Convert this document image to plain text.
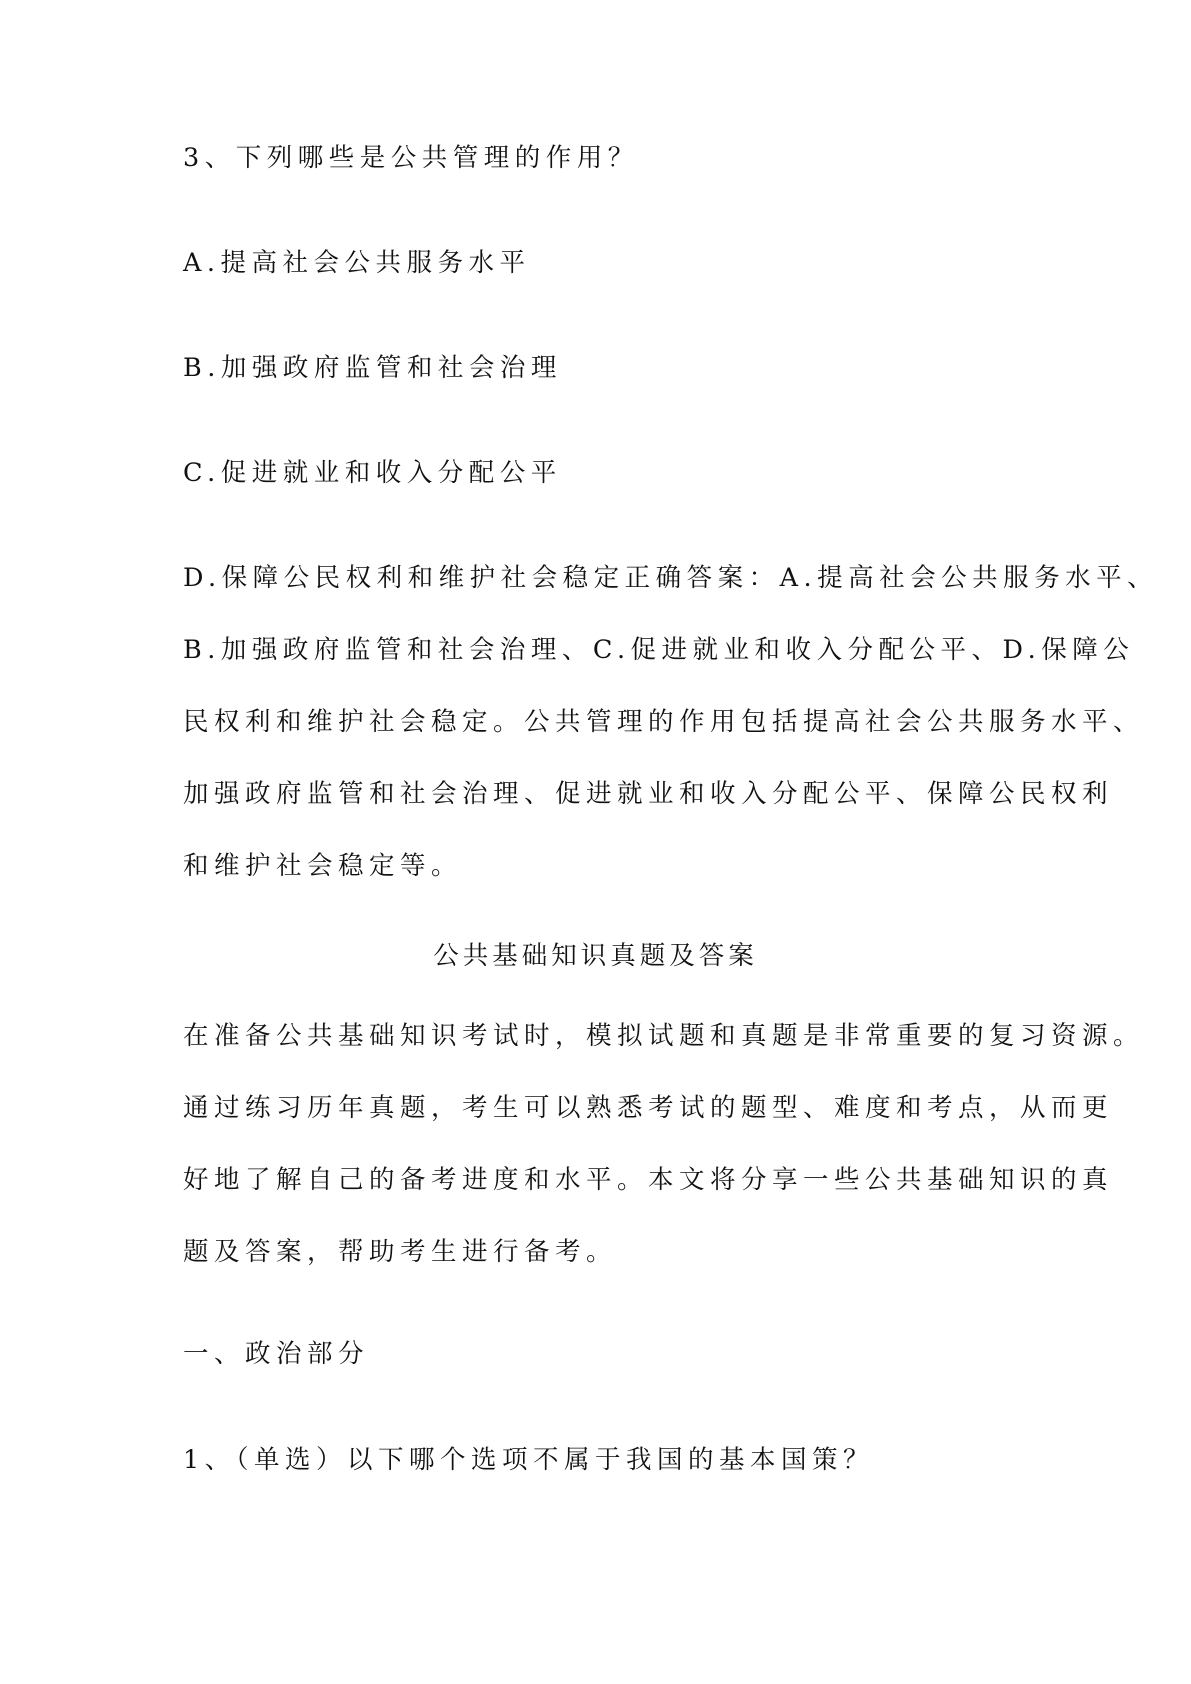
3、下列哪些是公共管理的作用？
A.提高社会公共服务水平
B.加强政府监管和社会治理
C.促进就业和收入分配公平
D.保障公民权利和维护社会稳定正确答案：A.提高社会公共服务水平、
B.加强政府监管和社会治理、C.促进就业和收入分配公平、D.保障公
民权利和维护社会稳定。公共管理的作用包括提高社会公共服务水平、
加强政府监管和社会治理、促进就业和收入分配公平、保障公民权利
和维护社会稳定等。
公共基础知识真题及答案
在准备公共基础知识考试时，模拟试题和真题是非常重要的复习资源。
通过练习历年真题，考生可以熟悉考试的题型、难度和考点，从而更
好地了解自己的备考进度和水平。本文将分享一些公共基础知识的真
题及答案，帮助考生进行备考。
一、政治部分
1、（单选）以下哪个选项不属于我国的基本国策？
